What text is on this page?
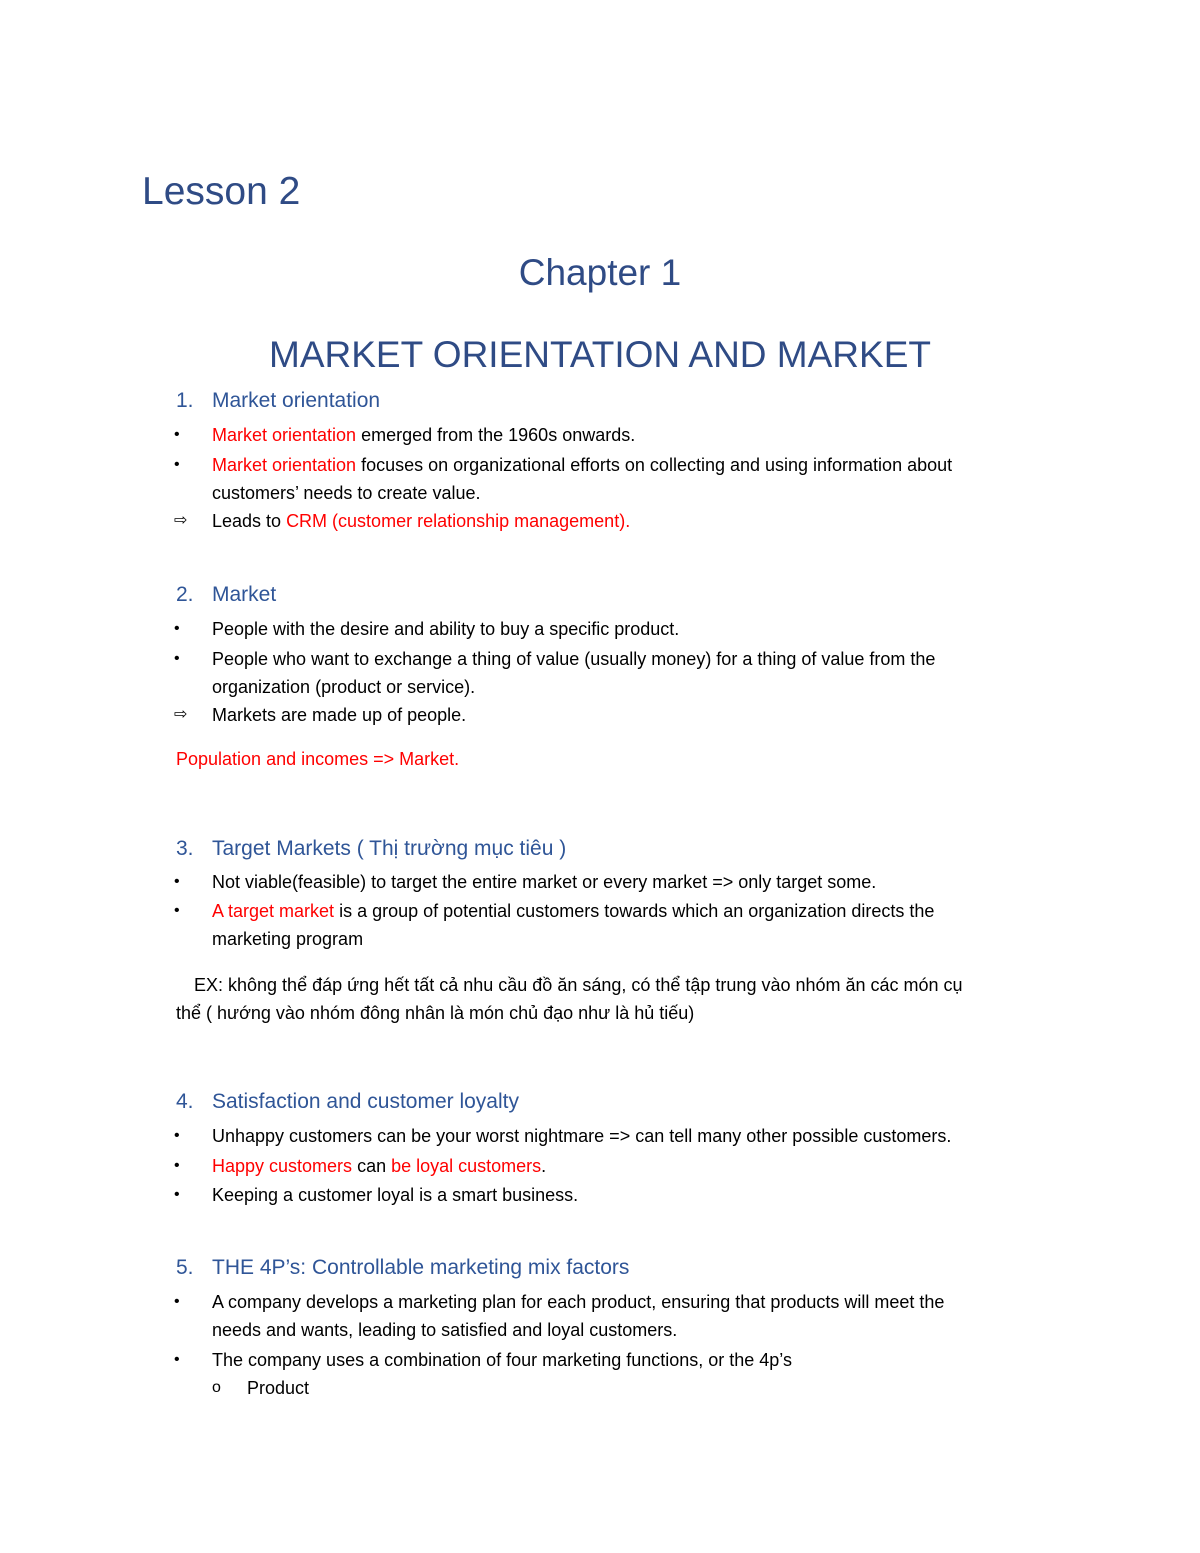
Lesson 2
Chapter 1
MARKET ORIENTATION AND MARKET
1. Market orientation
• Market orientation emerged from the 1960s onwards.

• Market orientation focuses on organizational efforts on collecting and using information about

customers’ needs to create value.

⇨ Leads to CRM (customer relationship management).

2. Market
• People with the desire and ability to buy a specific product.

• People who want to exchange a thing of value (usually money) for a thing of value from the

organization (product or service).

⇨ Markets are made up of people.

Population and incomes => Market.

3. Target Markets ( Thị trường mục tiêu )
• Not viable(feasible) to target the entire market or every market => only target some.

• A target market is a group of potential customers towards which an organization directs the

marketing program

EX: không thể đáp ứng hết tất cả nhu cầu đồ ăn sáng, có thể tập trung vào nhóm ăn các món cụ

thể ( hướng vào nhóm đông nhân là món chủ đạo như là hủ tiếu)

4. Satisfaction and customer loyalty
• Unhappy customers can be your worst nightmare => can tell many other possible customers.

• Happy customers can be loyal customers.

• Keeping a customer loyal is a smart business.

5. THE 4P’s: Controllable marketing mix factors
• A company develops a marketing plan for each product, ensuring that products will meet the

needs and wants, leading to satisfied and loyal customers.

• The company uses a combination of four marketing functions, or the 4p’s

o Product
